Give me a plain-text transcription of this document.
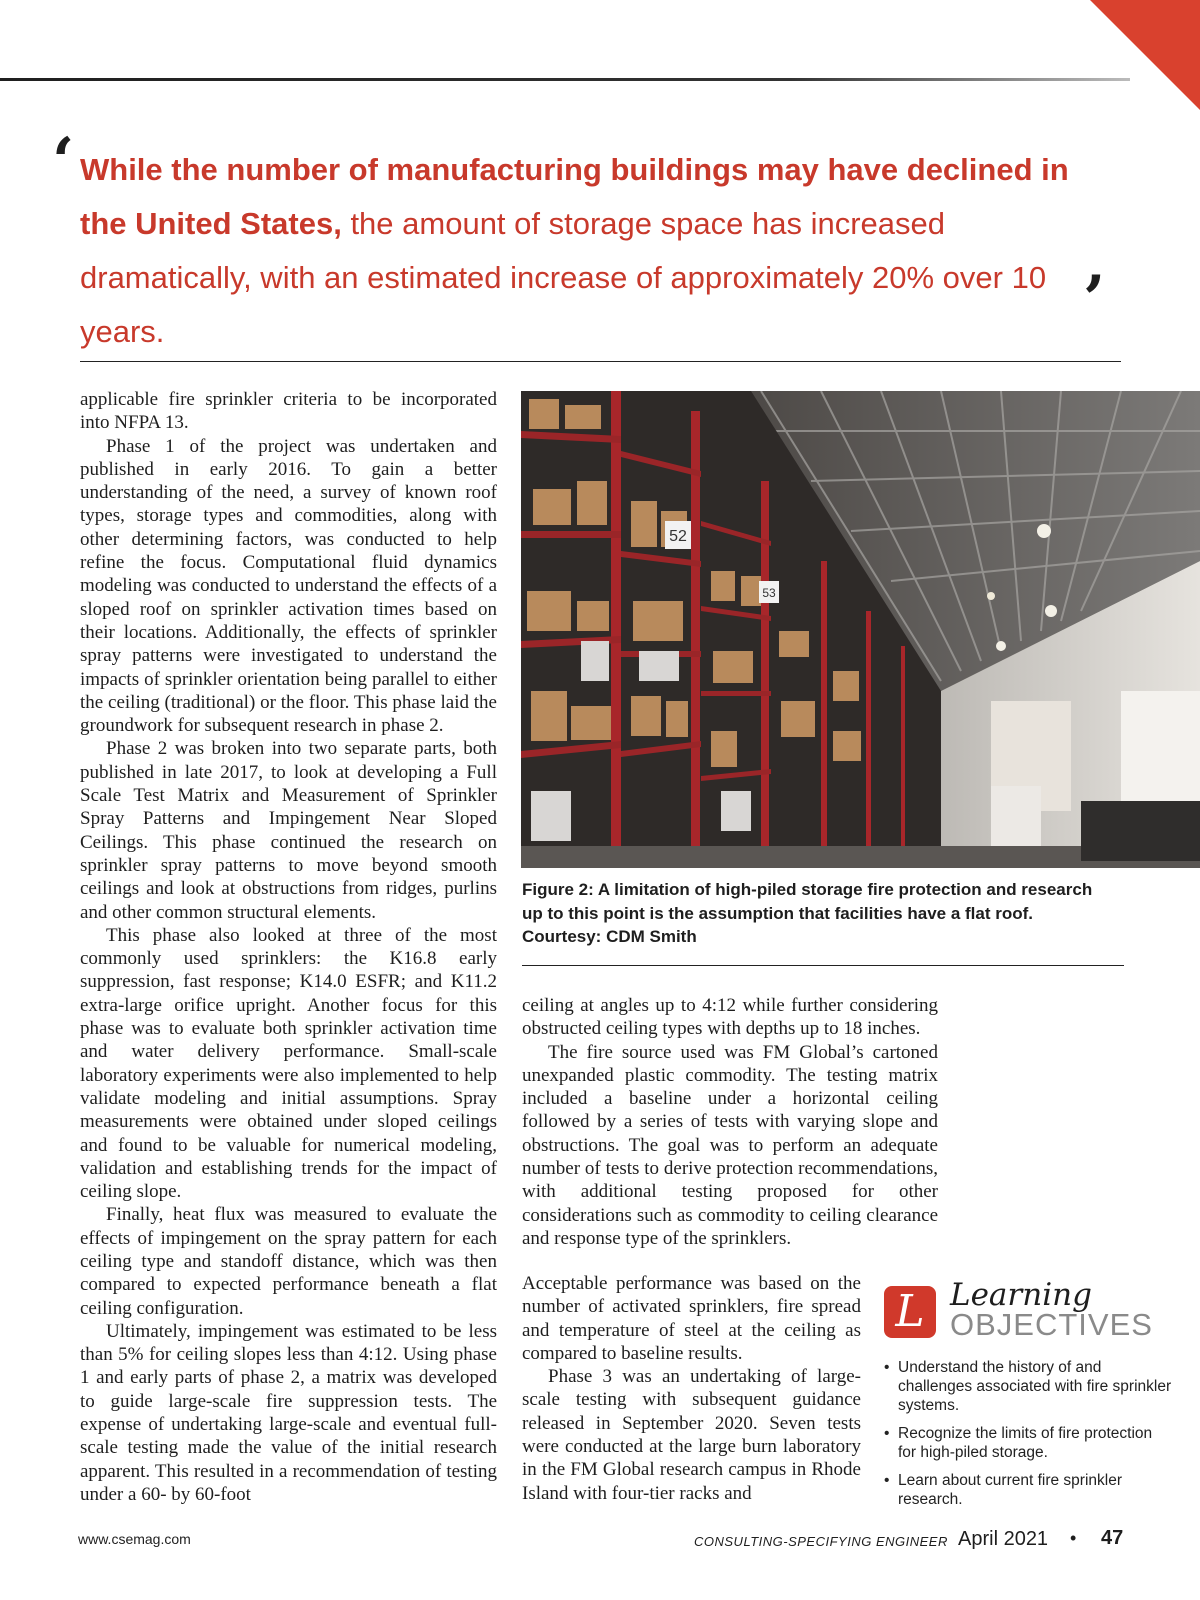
‘ While the number of manufacturing buildings may have declined in the United States, the amount of storage space has increased dramatically, with an estimated increase of approximately 20% over 10 years.	’

applicable fire sprinkler criteria to be incorporated into NFPA 13.

Phase 1 of the project was undertaken and published in early 2016. To gain a better understanding of the need, a survey of known roof types, storage types and commodities, along with other determining factors, was conducted to help refine the focus. Computational fluid dynamics modeling was conducted to understand the effects of a sloped roof on sprinkler activation times based on their locations. Additionally, the effects of sprinkler spray patterns were investigated to understand the impacts of sprinkler orientation being parallel to either the ceiling (traditional) or the floor. This phase laid the groundwork for subsequent research in phase 2.

Phase 2 was broken into two separate parts, both published in late 2017, to look at developing a Full Scale Test Matrix and Measurement of Sprinkler Spray Patterns and Impingement Near Sloped Ceilings. This phase continued the research on sprinkler spray patterns to move beyond smooth ceilings and look at obstructions from ridges, purlins and other common structural elements.

This phase also looked at three of the most commonly used sprinklers: the K16.8 early suppression, fast response; K14.0 ESFR; and K11.2 extra-large orifice upright. Another focus for this phase was to evaluate both sprinkler activation time and water delivery performance. Small-scale laboratory experiments were also implemented to help validate modeling and initial assumptions. Spray measurements were obtained under sloped ceilings and found to be valuable for numerical modeling, validation and establishing trends for the impact of ceiling slope.

Finally, heat flux was measured to evaluate the effects of impingement on the spray pattern for each ceiling type and standoff distance, which was then compared to expected performance beneath a flat ceiling configuration.

Ultimately, impingement was estimated to be less than 5% for ceiling slopes less than 4:12. Using phase 1 and early parts of phase 2, a matrix was developed to guide large-scale fire suppression tests. The expense of undertaking large-scale and eventual full-scale testing made the value of the initial research apparent. This resulted in a recommendation of testing under a 60- by 60-foot

52
53

Figure 2: A limitation of high-piled storage fire protection and research up to this point is the assumption that facilities have a flat roof. Courtesy: CDM Smith

ceiling at angles up to 4:12 while further considering obstructed ceiling types with depths up to 18 inches.

The fire source used was FM Global’s cartoned unexpanded plastic commodity. The testing matrix included a baseline under a horizontal ceiling followed by a series of tests with varying slope and obstructions. The goal was to perform an adequate number of tests to derive protection recommendations, with additional testing proposed for other considerations such as commodity to ceiling clearance and response type of the sprinklers.

Acceptable performance was based on the number of activated sprinklers, fire spread and temperature of steel at the ceiling as compared to baseline results.

Phase 3 was an undertaking of large-scale testing with subsequent guidance released in September 2020. Seven tests were conducted at the large burn laboratory in the FM Global research campus in Rhode Island with four-tier racks and

L Learning
OBJECTIVES
• Understand the history of and challenges associated with fire sprinkler systems.
• Recognize the limits of fire protection for high-piled storage.
• Learn about current fire sprinkler research.
www.csemag.com	CONSULTING-SPECIFYING ENGINEER April 2021 • 47
